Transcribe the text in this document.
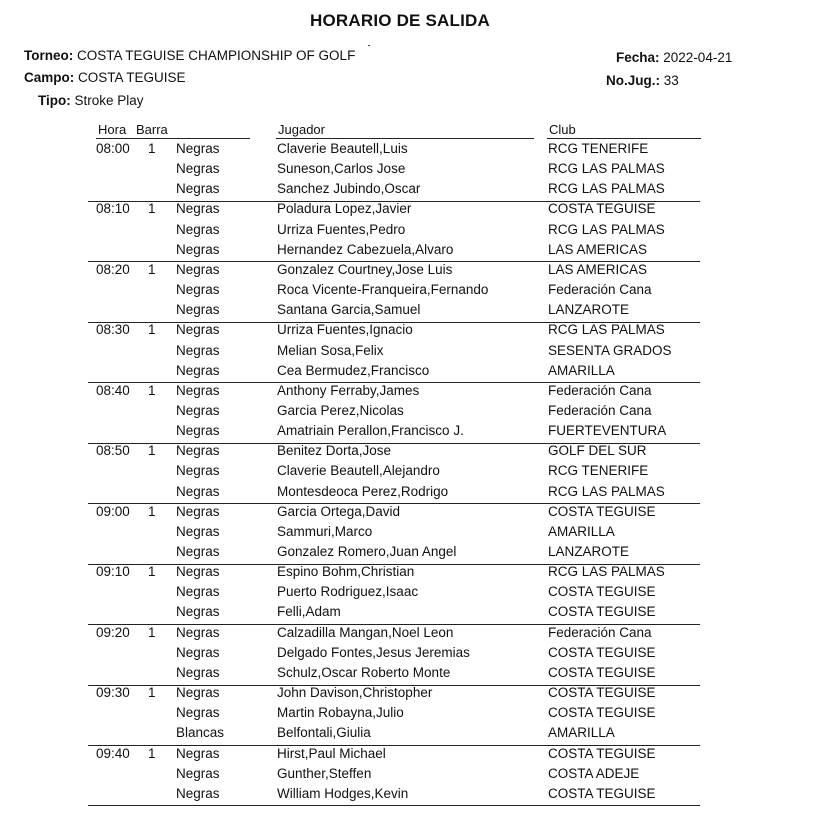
HORARIO DE SALIDA
Torneo: COSTA TEGUISE CHAMPIONSHIP OF GOLF
Campo: COSTA TEGUISE
Tipo: Stroke Play
Fecha: 2022-04-21
No.Jug.: 33
Hora Barra	Jugador	Club
08:00 1 Negras	Claverie Beautell,Luis	RCG TENERIFE
Negras	Suneson,Carlos Jose	RCG LAS PALMAS
Negras	Sanchez Jubindo,Oscar	RCG LAS PALMAS
08:10 1 Negras	Poladura Lopez,Javier	COSTA TEGUISE
Negras	Urriza Fuentes,Pedro	RCG LAS PALMAS
Negras	Hernandez Cabezuela,Alvaro	LAS AMERICAS
08:20 1 Negras	Gonzalez Courtney,Jose Luis	LAS AMERICAS
Negras	Roca Vicente-Franqueira,Fernando	Federación Cana
Negras	Santana Garcia,Samuel	LANZAROTE
08:30 1 Negras	Urriza Fuentes,Ignacio	RCG LAS PALMAS
Negras	Melian Sosa,Felix	SESENTA GRADOS
Negras	Cea Bermudez,Francisco	AMARILLA
08:40 1 Negras	Anthony Ferraby,James	Federación Cana
Negras	Garcia Perez,Nicolas	Federación Cana
Negras	Amatriain Perallon,Francisco J.	FUERTEVENTURA
08:50 1 Negras	Benitez Dorta,Jose	GOLF DEL SUR
Negras	Claverie Beautell,Alejandro	RCG TENERIFE
Negras	Montesdeoca Perez,Rodrigo	RCG LAS PALMAS
09:00 1 Negras	Garcia Ortega,David	COSTA TEGUISE
Negras	Sammuri,Marco	AMARILLA
Negras	Gonzalez Romero,Juan Angel	LANZAROTE
09:10 1 Negras	Espino Bohm,Christian	RCG LAS PALMAS
Negras	Puerto Rodriguez,Isaac	COSTA TEGUISE
Negras	Felli,Adam	COSTA TEGUISE
09:20 1 Negras	Calzadilla Mangan,Noel Leon	Federación Cana
Negras	Delgado Fontes,Jesus Jeremias	COSTA TEGUISE
Negras	Schulz,Oscar Roberto Monte	COSTA TEGUISE
09:30 1 Negras	John Davison,Christopher	COSTA TEGUISE
Negras	Martin Robayna,Julio	COSTA TEGUISE
Blancas	Belfontali,Giulia	AMARILLA
09:40 1 Negras	Hirst,Paul Michael	COSTA TEGUISE
Negras	Gunther,Steffen	COSTA ADEJE
Negras	William Hodges,Kevin	COSTA TEGUISE
